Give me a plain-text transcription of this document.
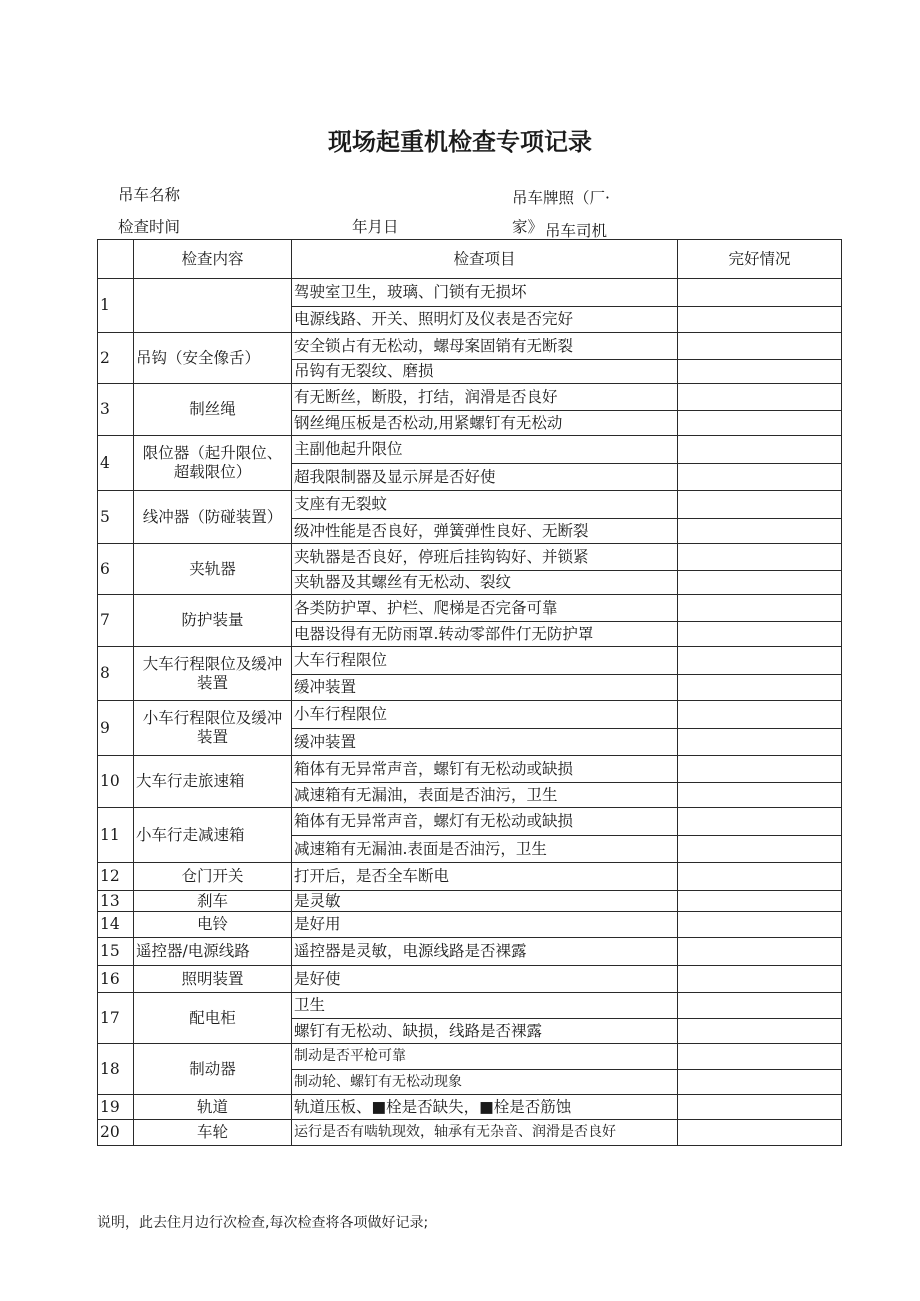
现场起重机检查专项记录
吊车名称	吊车牌照（厂·
检查时间	年月日	家》 吊车司机
	检查内容	检查项目	完好情况
1		驾驶室卫生，玻璃、门锁有无损坏	
		电源线路、开关、照明灯及仪表是否完好	
2	吊钩（安全像舌）	安全锁占有无松动，螺母案固销有无断裂	
		吊钩有无裂纹、磨损	
3	制丝绳	有无断丝，断股，打结，润滑是否良好	
		钢丝绳压板是否松动,用紧螺钉有无松动	
4	限位器（起升限位、超载限位）	主副他起升限位	
		超我限制器及显示屏是否好使	
5	线冲器（防碰装置）	支座有无裂蚊	
		级冲性能是否良好，弹簧弹性良好、无断裂	
6	夹轨器	夹轨器是否良好，停班后挂钩钩好、并锁紧	
		夹轨器及其螺丝有无松动、裂纹	
7	防护装量	各类防护罩、护栏、爬梯是否完备可靠	
		电器设得有无防雨罩.转动零部件仃无防护罩	
8	大车行程限位及缓冲装置	大车行程限位	
		缓冲装置	
9	小车行程限位及缓冲装置	小车行程限位	
		缓冲装置	
10	大车行走旅速箱	箱体有无异常声音，螺钉有无松动或缺损	
		减速箱有无漏油，表面是否油污，卫生	
11	小车行走减速箱	箱体有无异常声音，螺灯有无松动或缺损	
		减速箱有无漏油.表面是否油污，卫生	
12	仓门开关	打开后，是否全车断电	
13	刹车	是灵敏	
14	电铃	是好用	
15	遥控器/电源线路	遥控器是灵敏，电源线路是否裸露	
16	照明装置	是好使	
17	配电柜	卫生	
		螺钉有无松动、缺损，线路是否裸露	
18	制动器	制动是否平枪可靠	
		制动轮、螺钉有无松动现象	
19	轨道	轨道压板、■栓是否缺失，■栓是否筋蚀	
20	车轮	运行是否有啮轨现效，轴承有无杂音、润滑是否良好	
说明，此去住月边行次检查,每次检查将各项做好记录;
